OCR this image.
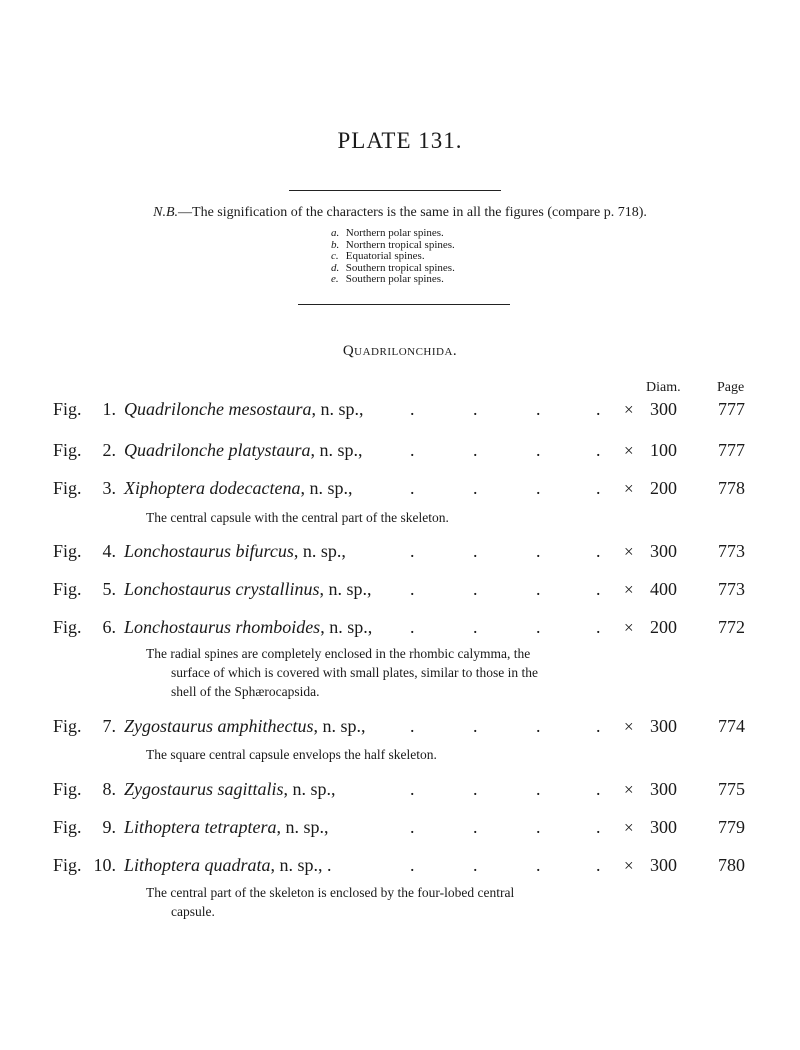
PLATE 131.
N.B.—The signification of the characters is the same in all the figures (compare p. 718).
a. Northern polar spines.
b. Northern tropical spines.
c. Equatorial spines.
d. Southern tropical spines.
e. Southern polar spines.
Quadrilonchida.
Diam.	Page
Fig.	1. Quadrilonche mesostaura, n. sp.,	.	.	.	. × 300 777
Fig.	2. Quadrilonche platystaura, n. sp.,	.	.	.	. × 100 777
Fig.	3. Xiphoptera dodecactena, n. sp.,	.	.	.	. × 200 778
The central capsule with the central part of the skeleton.
Fig.	4. Lonchostaurus bifurcus, n. sp.,	.	.	.	. × 300 773
Fig.	5. Lonchostaurus crystallinus, n. sp., .	.	.	. × 400 773
Fig.	6. Lonchostaurus rhomboides, n. sp., .	.	.	. × 200 772
The radial spines are completely enclosed in the rhombic calymma, the
surface of which is covered with small plates, similar to those in the
shell of the Sphærocapsida.
Fig.	7. Zygostaurus amphithectus, n. sp., .	.	.	. × 300 774
The square central capsule envelops the half skeleton.
Fig.	8. Zygostaurus sagittalis, n. sp.,	.	.	.	. × 300 775
Fig.	9. Lithoptera tetraptera, n. sp.,	.	.	.	. × 300 779
Fig. 10. Lithoptera quadrata, n. sp., .	.	.	.	. × 300 780
The central part of the skeleton is enclosed by the four-lobed central
capsule.
